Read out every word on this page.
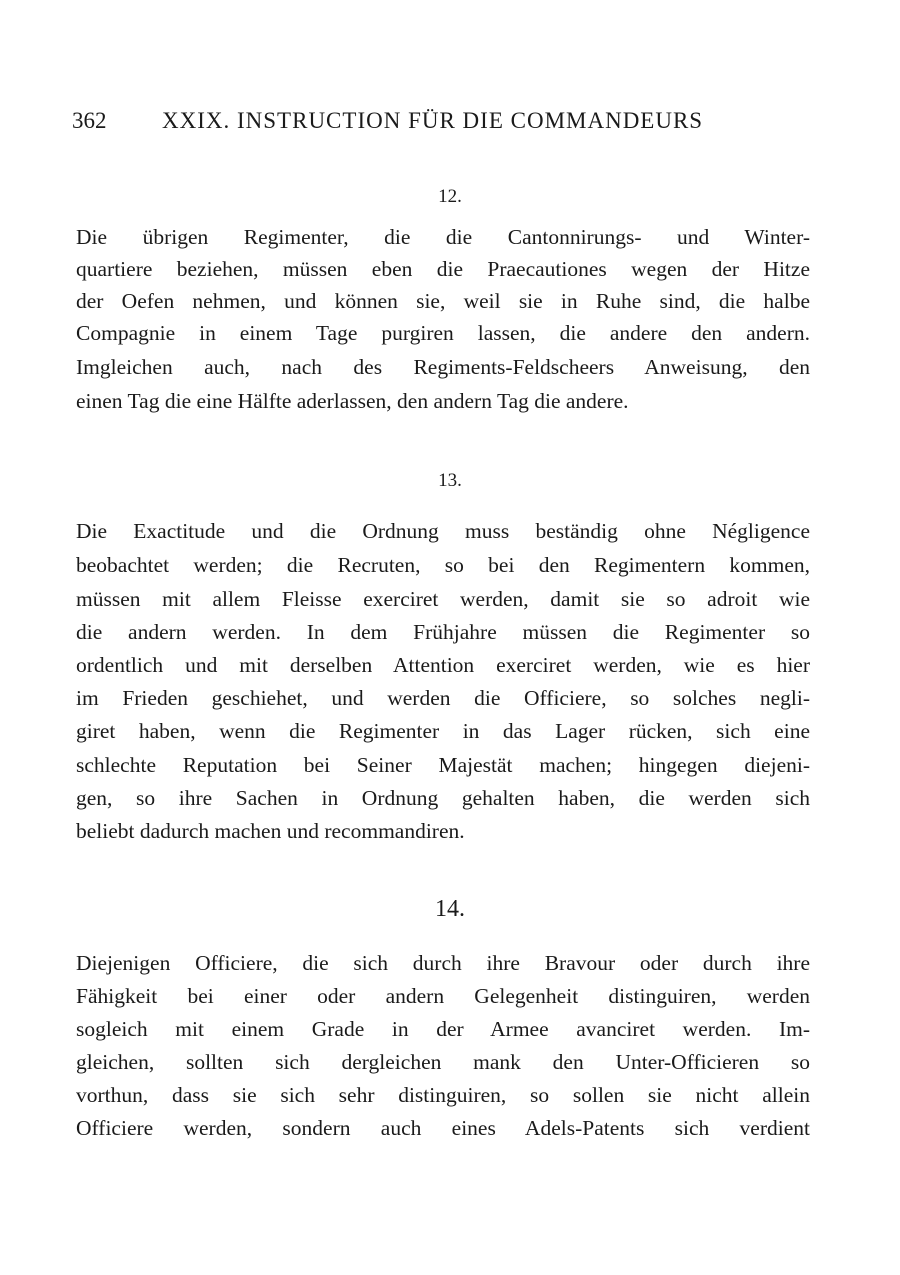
362 XXIX. INSTRUCTION FÜR DIE COMMANDEURS
12.
Die übrigen Regimenter, die die Cantonnirungs- und Winter-
quartiere beziehen, müssen eben die Praecautiones wegen der Hitze
der Oefen nehmen, und können sie, weil sie in Ruhe sind, die halbe
Compagnie in einem Tage purgiren lassen, die andere den andern.
Imgleichen auch, nach des Regiments-Feldscheers Anweisung, den
einen Tag die eine Hälfte aderlassen, den andern Tag die andere.
13.
Die Exactitude und die Ordnung muss beständig ohne Négligence
beobachtet werden; die Recruten, so bei den Regimentern kommen,
müssen mit allem Fleisse exerciret werden, damit sie so adroit wie
die andern werden. In dem Frühjahre müssen die Regimenter so
ordentlich und mit derselben Attention exerciret werden, wie es hier
im Frieden geschiehet, und werden die Officiere, so solches negli-
giret haben, wenn die Regimenter in das Lager rücken, sich eine
schlechte Reputation bei Seiner Majestät machen; hingegen diejeni-
gen, so ihre Sachen in Ordnung gehalten haben, die werden sich
beliebt dadurch machen und recommandiren.
14.
Diejenigen Officiere, die sich durch ihre Bravour oder durch ihre
Fähigkeit bei einer oder andern Gelegenheit distinguiren, werden
sogleich mit einem Grade in der Armee avanciret werden. Im-
gleichen, sollten sich dergleichen mank den Unter-Officieren so
vorthun, dass sie sich sehr distinguiren, so sollen sie nicht allein
Officiere werden, sondern auch eines Adels-Patents sich verdient
